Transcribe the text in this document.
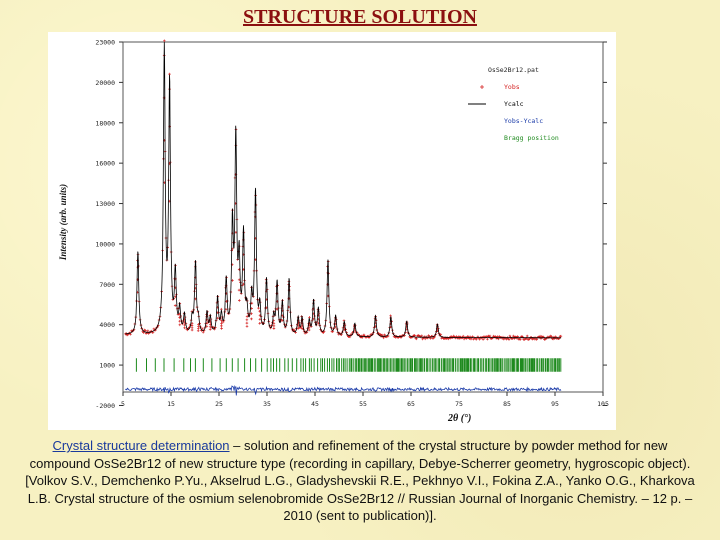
STRUCTURE SOLUTION
23000
20000
18000
16000
13000
10000
7000
4000
1000
-2000 5	15	25	35	45	55	65	75	85	95	105
OsSe2Br12.pat
Yobs
Ycalc
Yobs-Ycalc
Bragg position
2θ (°)
Intensity (arb. units)
Crystal structure determination – solution and refinement of the crystal structure by powder method for new compound OsSe2Br12 of new structure type (recording in capillary, Debye-Scherrer geometry, hygroscopic object). [Volkov S.V., Demchenko P.Yu., Akselrud L.G., Gladyshevskii R.E., Pekhnyo V.I., Fokina Z.A., Yanko O.G., Kharkova L.B. Crystal structure of the osmium selenobromide OsSe2Br12 // Russian Journal of Inorganic Chemistry. – 12 p. – 2010 (sent to publication)].
